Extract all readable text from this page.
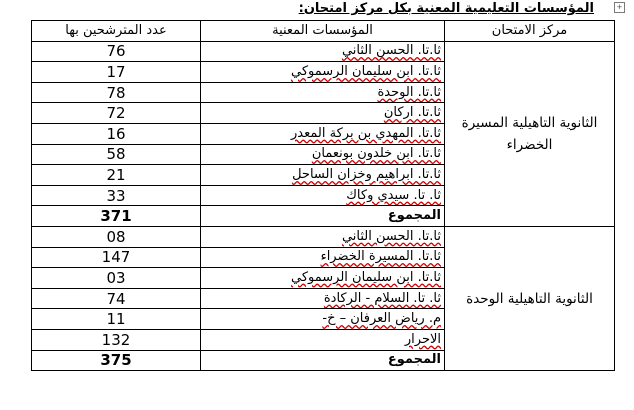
+
المؤسسات التعليمية المعنية بكل مركز امتحان:
مركز الامتحان	المؤسسات المعنية	عدد المترشحين بها
الثانوية التاهيلية المسيرة الخضراء	ثا.تا. الحسن الثاني	76
	ثا.تا. ابن سليمان الرسموكي	17
	ثا.تا. الوحدة	78
	ثا.تا. اركان	72
	ثا.تا. المهدي بن بركة المعدر	16
	ثا.تا. ابن خلدون بونعمان	58
	ثا.تا. ابراهيم وخزان الساحل	21
	ثا. تا. سيدي وكاك	33
	المجموع	371
الثانوية التاهيلية الوحدة	ثا.تا. الحسن الثاني	08
	ثا.تا. المسيرة الخضراء	147
	ثا.تا. ابن سليمان الرسموكي	03
	ثا. تا. السلام - الركادة	74
	م. رياض العرفان – خ-	11
	الاحرار	132
	المجموع	375
